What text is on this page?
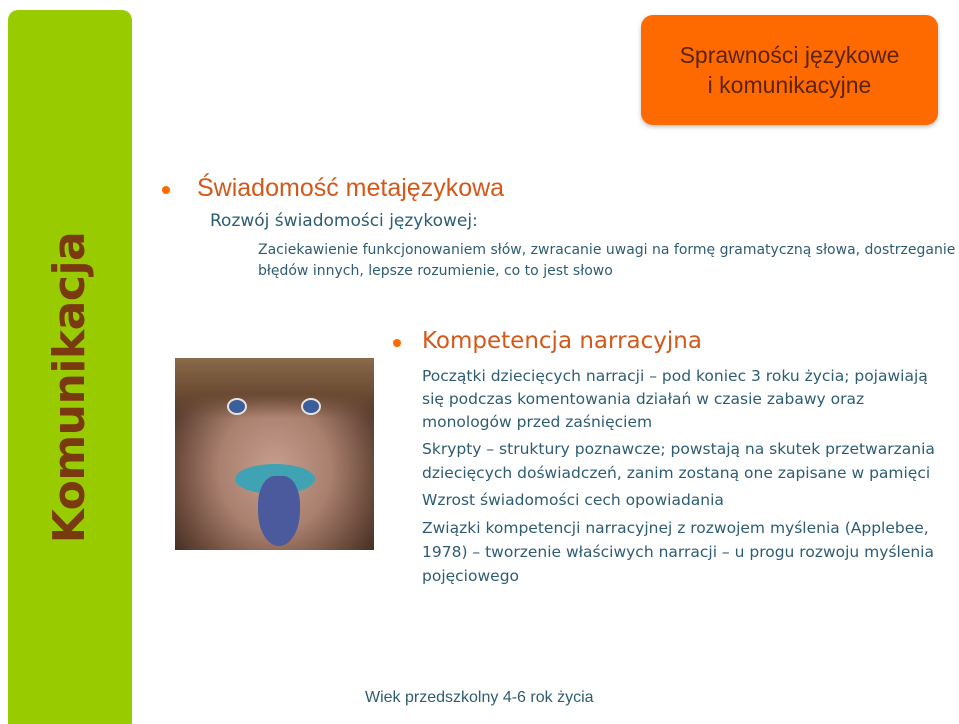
Komunikacja
Sprawności językowe
i komunikacyjne
Świadomość metajęzykowa
Rozwój świadomości językowej:
Zaciekawienie funkcjonowaniem słów, zwracanie uwagi na formę gramatyczną słowa, dostrzeganie
błędów innych, lepsze rozumienie, co to jest słowo
Kompetencja narracyjna
Początki dziecięcych narracji – pod koniec 3 roku życia; pojawiają
się podczas komentowania działań w czasie zabawy oraz
monologów przed zaśnięciem
Skrypty – struktury poznawcze; powstają na skutek przetwarzania
dziecięcych doświadczeń, zanim zostaną one zapisane w pamięci
Wzrost świadomości cech opowiadania
Związki kompetencji narracyjnej z rozwojem myślenia (Applebee,
1978) – tworzenie właściwych narracji – u progu rozwoju myślenia
pojęciowego
Wiek przedszkolny 4-6 rok życia
